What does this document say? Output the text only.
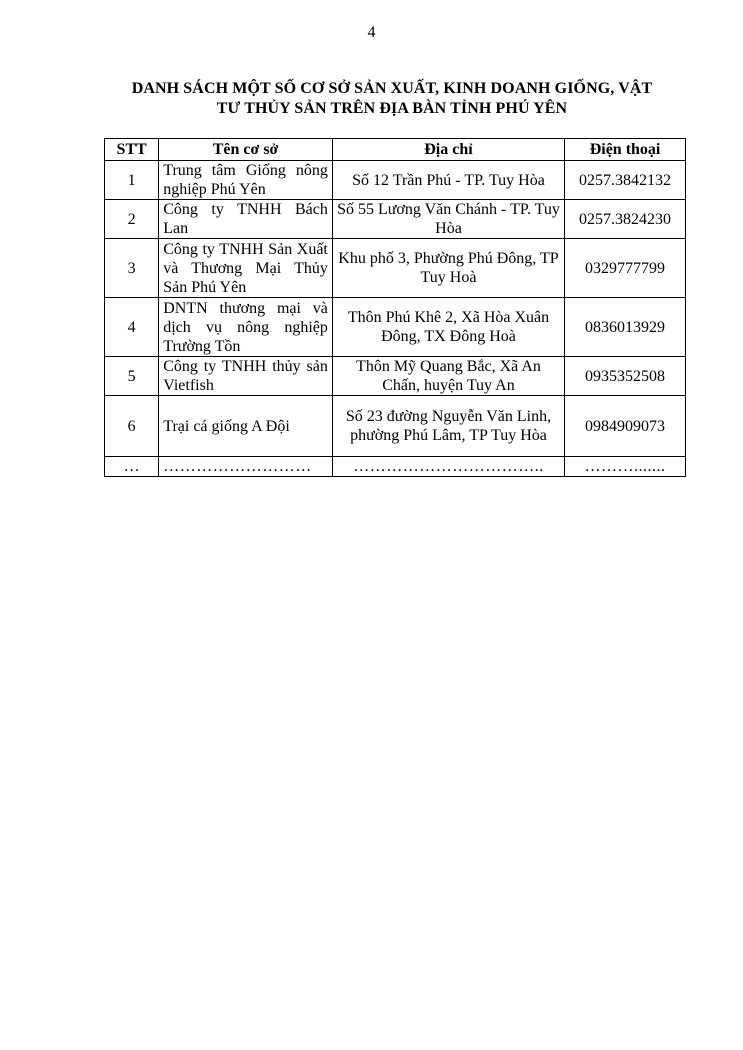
4
DANH SÁCH MỘT SỐ CƠ SỞ SẢN XUẤT, KINH DOANH GIỐNG, VẬT
TƯ THỦY SẢN TRÊN ĐỊA BÀN TỈNH PHÚ YÊN
STT	Tên cơ sở	Địa chỉ	Điện thoại
1	Trung tâm Giống nông nghiệp Phú Yên	Số 12 Trần Phú - TP. Tuy Hòa	0257.3842132
2	Công ty TNHH Bách Lan	Số 55 Lương Văn Chánh - TP. Tuy Hòa	0257.3824230
3	Công ty TNHH Sản Xuất và Thương Mại Thủy Sản Phú Yên	Khu phố 3, Phường Phú Đông, TP Tuy Hoà	0329777799
4	DNTN thương mại và dịch vụ nông nghiệp Trường Tồn	Thôn Phú Khê 2, Xã Hòa Xuân Đông, TX Đông Hoà	0836013929
5	Công ty TNHH thủy sản Vietfish	Thôn Mỹ Quang Bắc, Xã An Chấn, huyện Tuy An	0935352508
6	Trại cá giống A Đội	Số 23 đường Nguyễn Văn Linh, phường Phú Lâm, TP Tuy Hòa	0984909073
…	………………………	……………………………..	……….......
